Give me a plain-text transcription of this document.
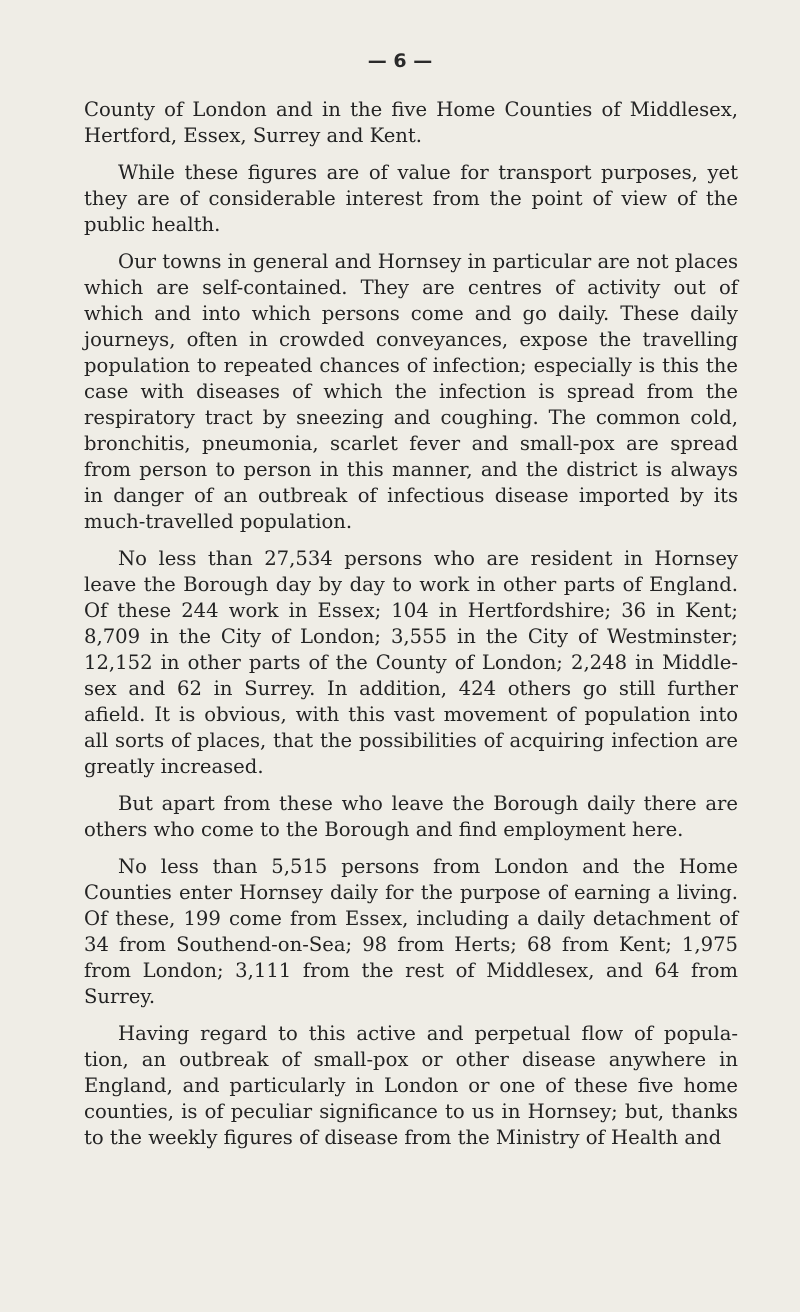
— 6 —

County of London and in the five Home Counties of Middlesex, Hertford, Essex, Surrey and Kent.

While these figures are of value for transport purposes, yet they are of considerable interest from the point of view of the public health.

Our towns in general and Hornsey in particular are not places which are self-contained. They are centres of activity out of which and into which persons come and go daily. These daily journeys, often in crowded conveyances, expose the travelling population to repeated chances of infection; especially is this the case with diseases of which the infection is spread from the respiratory tract by sneezing and coughing. The common cold, bronchitis, pneumonia, scarlet fever and small-pox are spread from person to person in this manner, and the district is always in danger of an outbreak of infectious disease imported by its much-travelled population.

No less than 27,534 persons who are resident in Hornsey leave the Borough day by day to work in other parts of England. Of these 244 work in Essex; 104 in Hertfordshire; 36 in Kent; 8,709 in the City of London; 3,555 in the City of Westminster; 12,152 in other parts of the County of London; 2,248 in Middle- sex and 62 in Surrey. In addition, 424 others go still further afield. It is obvious, with this vast movement of population into all sorts of places, that the possibilities of acquiring infection are greatly increased.

But apart from these who leave the Borough daily there are others who come to the Borough and find employment here.

No less than 5,515 persons from London and the Home Counties enter Hornsey daily for the purpose of earning a living. Of these, 199 come from Essex, including a daily detachment of 34 from Southend-on-Sea; 98 from Herts; 68 from Kent; 1,975 from London; 3,111 from the rest of Middlesex, and 64 from Surrey.

Having regard to this active and perpetual flow of popula- tion, an outbreak of small-pox or other disease anywhere in England, and particularly in London or one of these five home counties, is of peculiar significance to us in Hornsey; but, thanks to the weekly figures of disease from the Ministry of Health and
